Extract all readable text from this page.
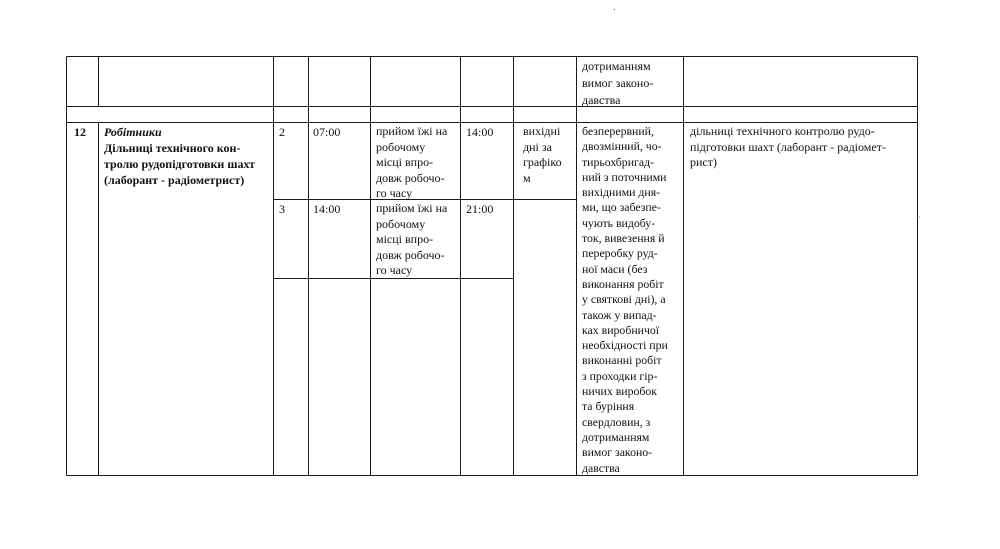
∙
·
дотриманням
вимог законо-
давства
12 Робітники
Дільниці технічного кон-
тролю рудопідготовки шахт
(лаборант - радіометрист)
2 07:00	прийом їжі на
робочому
місці впро-
довж робочо-
го часу
14:00
3 14:00	прийом їжі на
робочому
місці впро-
довж робочо-
го часу
21:00
вихідні
дні за
графіко
м
безперервний,
двозмінний, чо-
тирьохбригад-
ний з поточними
вихідними дня-
ми, що забезпе-
чують видобу-
ток, вивезення й
переробку руд-
ної маси (без
виконання робіт
у святкові дні), а
також у випад-
ках виробничої
необхідності при
виконанні робіт
з проходки гір-
ничих виробок
та буріння
свердловин, з
дотриманням
вимог законо-
давства
дільниці технічного контролю рудо-
підготовки шахт (лаборант - радіомет-
рист)
